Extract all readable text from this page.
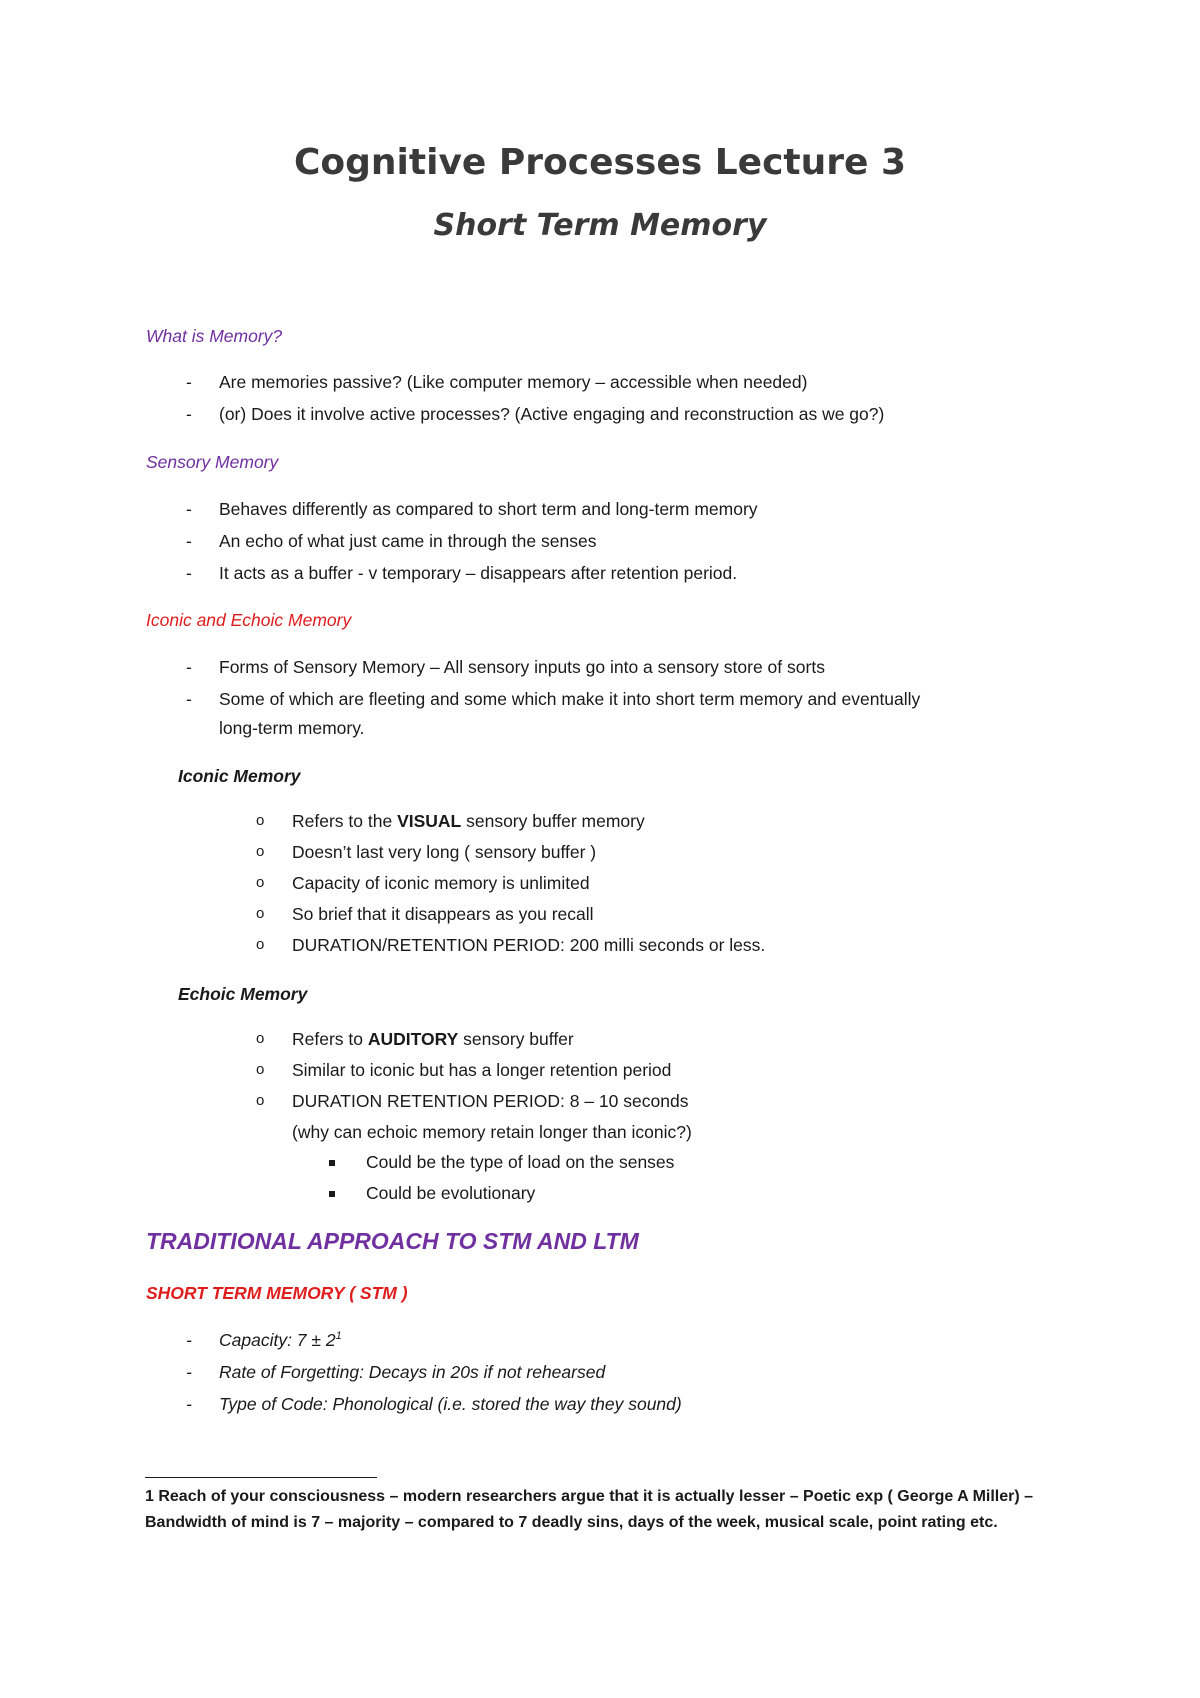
Cognitive Processes Lecture 3
Short Term Memory
What is Memory?
- Are memories passive? (Like computer memory – accessible when needed)
- (or) Does it involve active processes? (Active engaging and reconstruction as we go?)
Sensory Memory
- Behaves differently as compared to short term and long-term memory
- An echo of what just came in through the senses
- It acts as a buffer - v temporary – disappears after retention period.
Iconic and Echoic Memory
- Forms of Sensory Memory – All sensory inputs go into a sensory store of sorts
- Some of which are fleeting and some which make it into short term memory and eventually
long-term memory.
Iconic Memory
o Refers to the VISUAL sensory buffer memory
o Doesn’t last very long ( sensory buffer )
o Capacity of iconic memory is unlimited
o So brief that it disappears as you recall
o DURATION/RETENTION PERIOD: 200 milli seconds or less.
Echoic Memory
o Refers to AUDITORY sensory buffer
o Similar to iconic but has a longer retention period
o DURATION RETENTION PERIOD: 8 – 10 seconds
(why can echoic memory retain longer than iconic?)
Could be the type of load on the senses
Could be evolutionary
TRADITIONAL APPROACH TO STM AND LTM
SHORT TERM MEMORY ( STM )
- Capacity: $7 \pm 2^1$
- Rate of Forgetting: Decays in 20s if not rehearsed
- Type of Code: Phonological (i.e. stored the way they sound)
1 Reach of your consciousness – modern researchers argue that it is actually lesser – Poetic exp ( George A Miller) – Bandwidth of mind is 7 – majority – compared to 7 deadly sins, days of the week, musical scale, point rating etc.
